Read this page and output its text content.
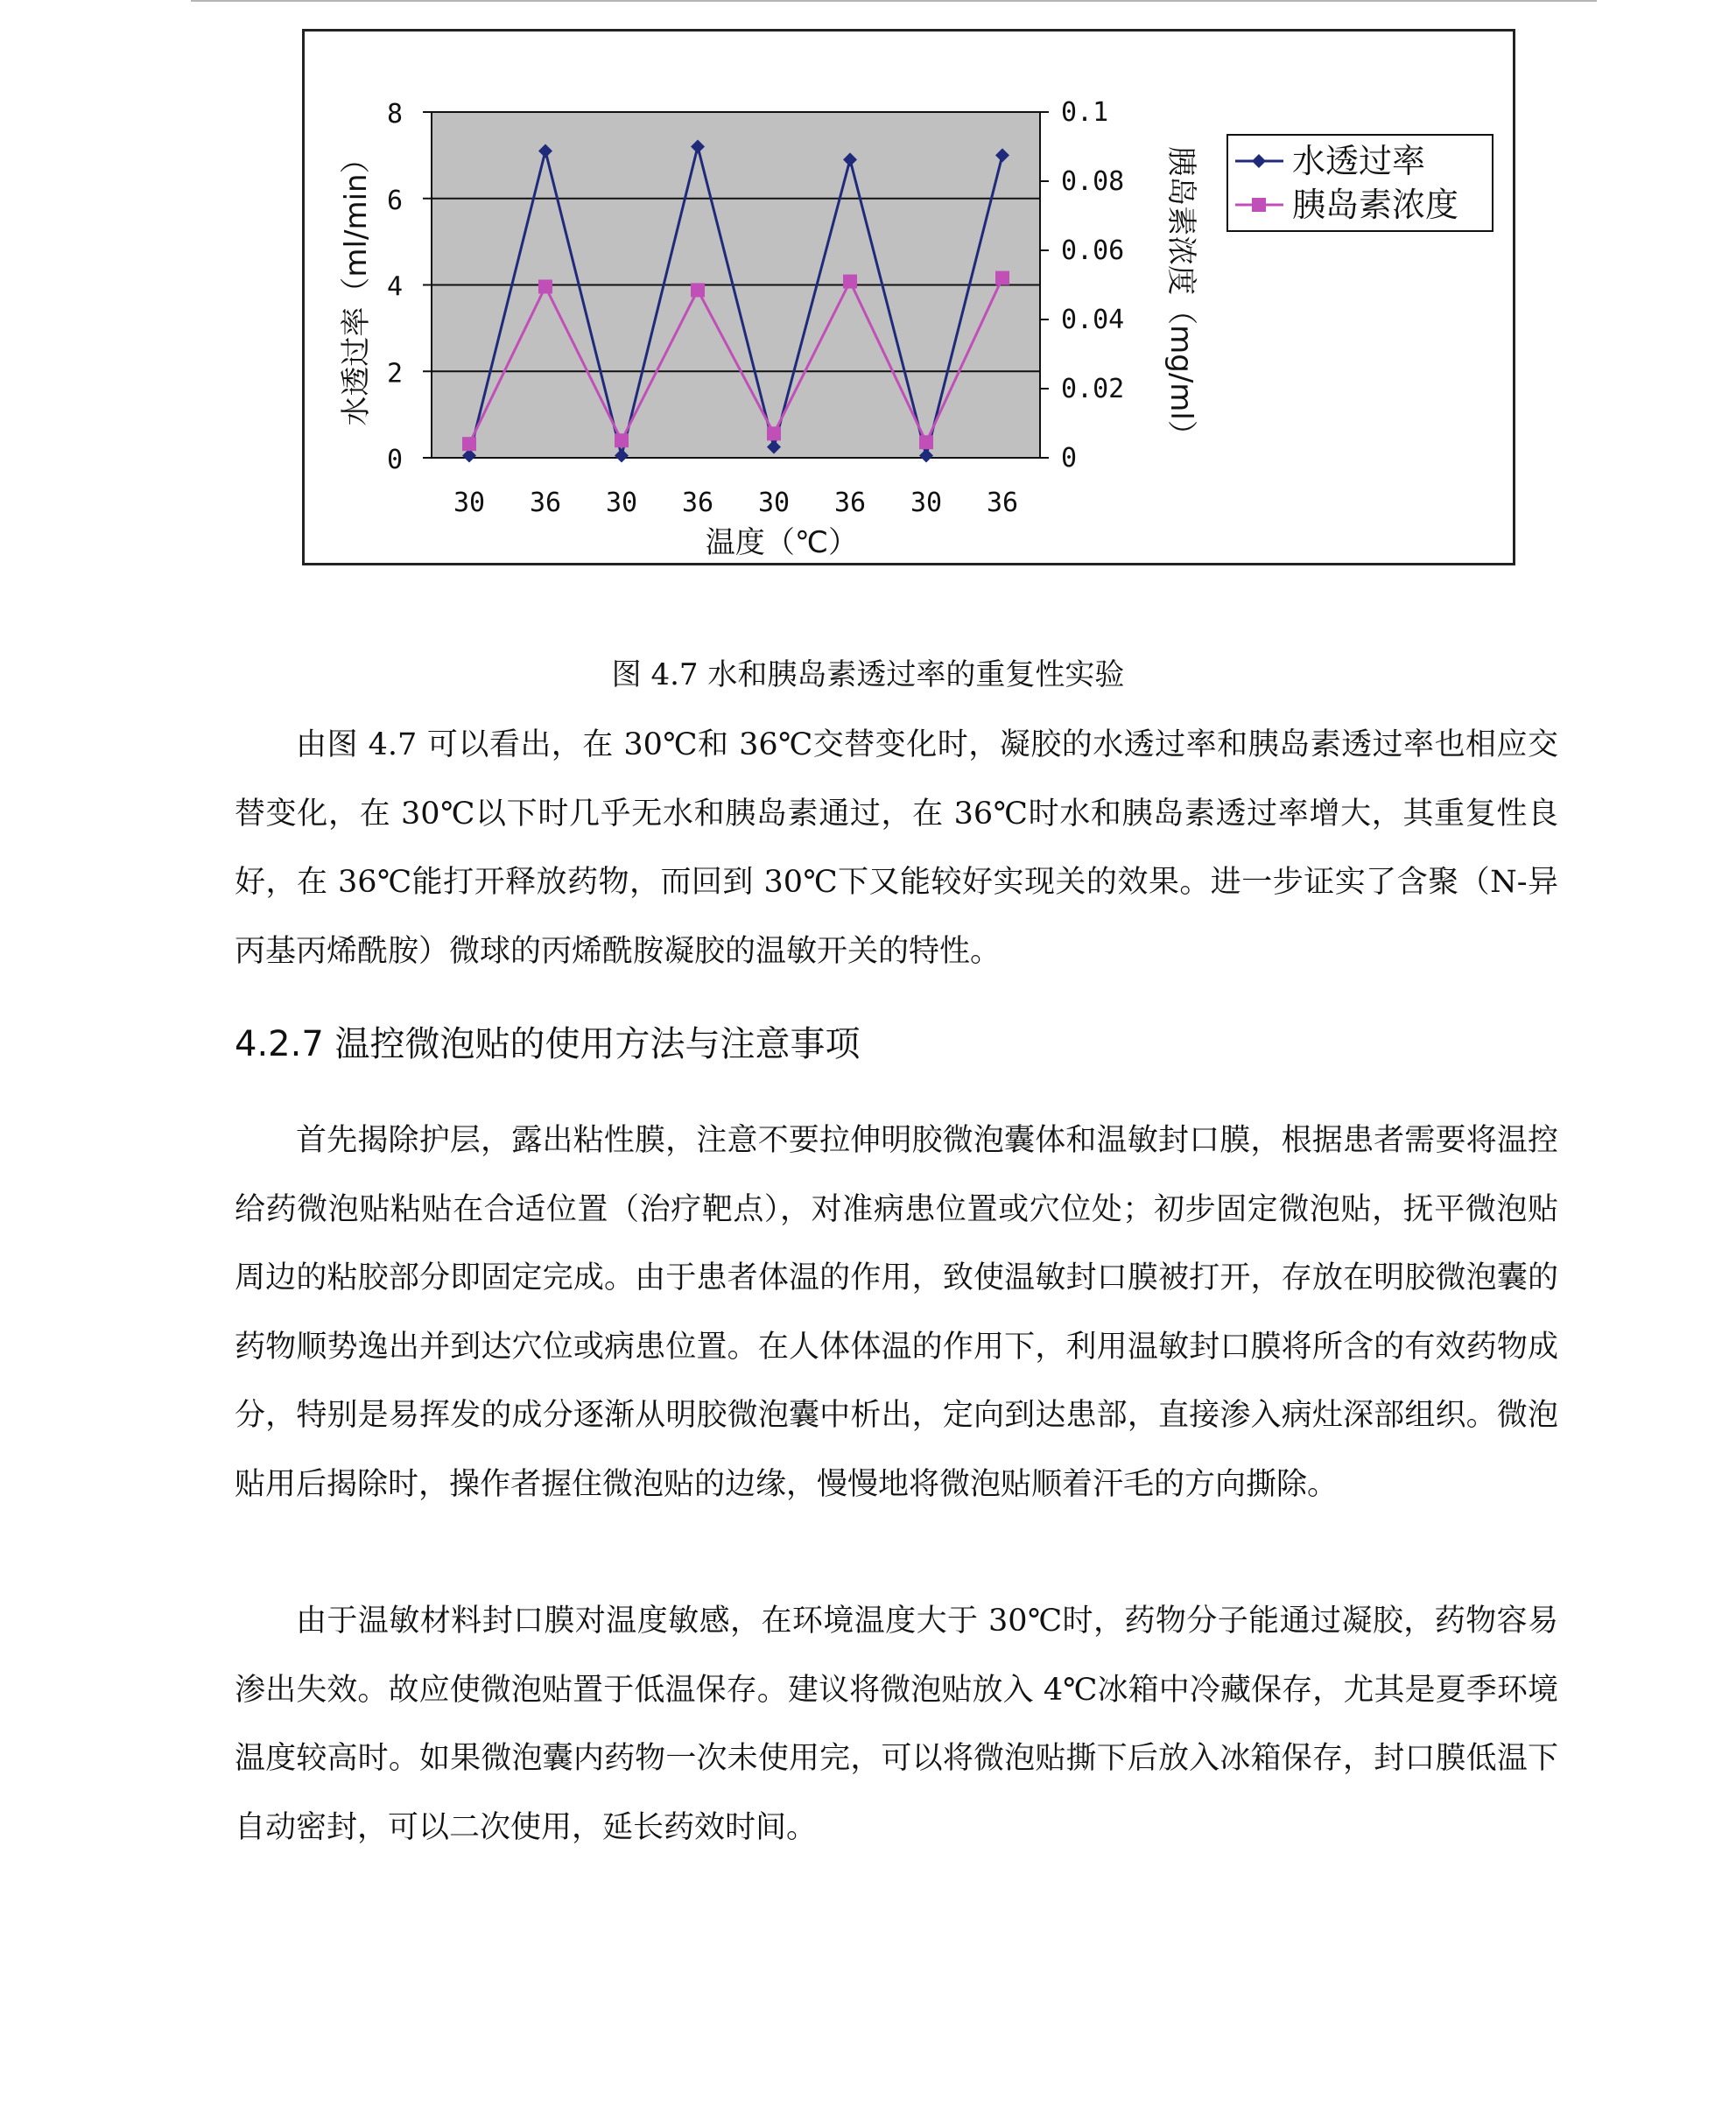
0
2
4
6
8
0
0.02
0.04
0.06
0.08
0.1
30 36 30 36 30 36 30 36
温度（℃）
水透过率（ml/min）	胰岛素浓度（mg/ml）	水透过率
胰岛素浓度
图 4.7 水和胰岛素透过率的重复性实验

由图 4.7 可以看出，在 30℃和 36℃交替变化时，凝胶的水透过率和胰岛素透过率也相应交替变化，在 30℃以下时几乎无水和胰岛素通过，在 36℃时水和胰岛素透过率增大，其重复性良好，在 36℃能打开释放药物，而回到 30℃下又能较好实现关的效果。进一步证实了含聚（N-异丙基丙烯酰胺）微球的丙烯酰胺凝胶的温敏开关的特性。

4.2.7 温控微泡贴的使用方法与注意事项

首先揭除护层，露出粘性膜，注意不要拉伸明胶微泡囊体和温敏封口膜，根据患者需要将温控给药微泡贴粘贴在合适位置（治疗靶点），对准病患位置或穴位处；初步固定微泡贴，抚平微泡贴周边的粘胶部分即固定完成。由于患者体温的作用，致使温敏封口膜被打开，存放在明胶微泡囊的药物顺势逸出并到达穴位或病患位置。在人体体温的作用下，利用温敏封口膜将所含的有效药物成分，特别是易挥发的成分逐渐从明胶微泡囊中析出，定向到达患部，直接渗入病灶深部组织。微泡贴用后揭除时，操作者握住微泡贴的边缘，慢慢地将微泡贴顺着汗毛的方向撕除。

由于温敏材料封口膜对温度敏感，在环境温度大于 30℃时，药物分子能通过凝胶，药物容易渗出失效。故应使微泡贴置于低温保存。建议将微泡贴放入 4℃冰箱中冷藏保存，尤其是夏季环境温度较高时。如果微泡囊内药物一次未使用完，可以将微泡贴撕下后放入冰箱保存，封口膜低温下自动密封，可以二次使用，延长药效时间。
